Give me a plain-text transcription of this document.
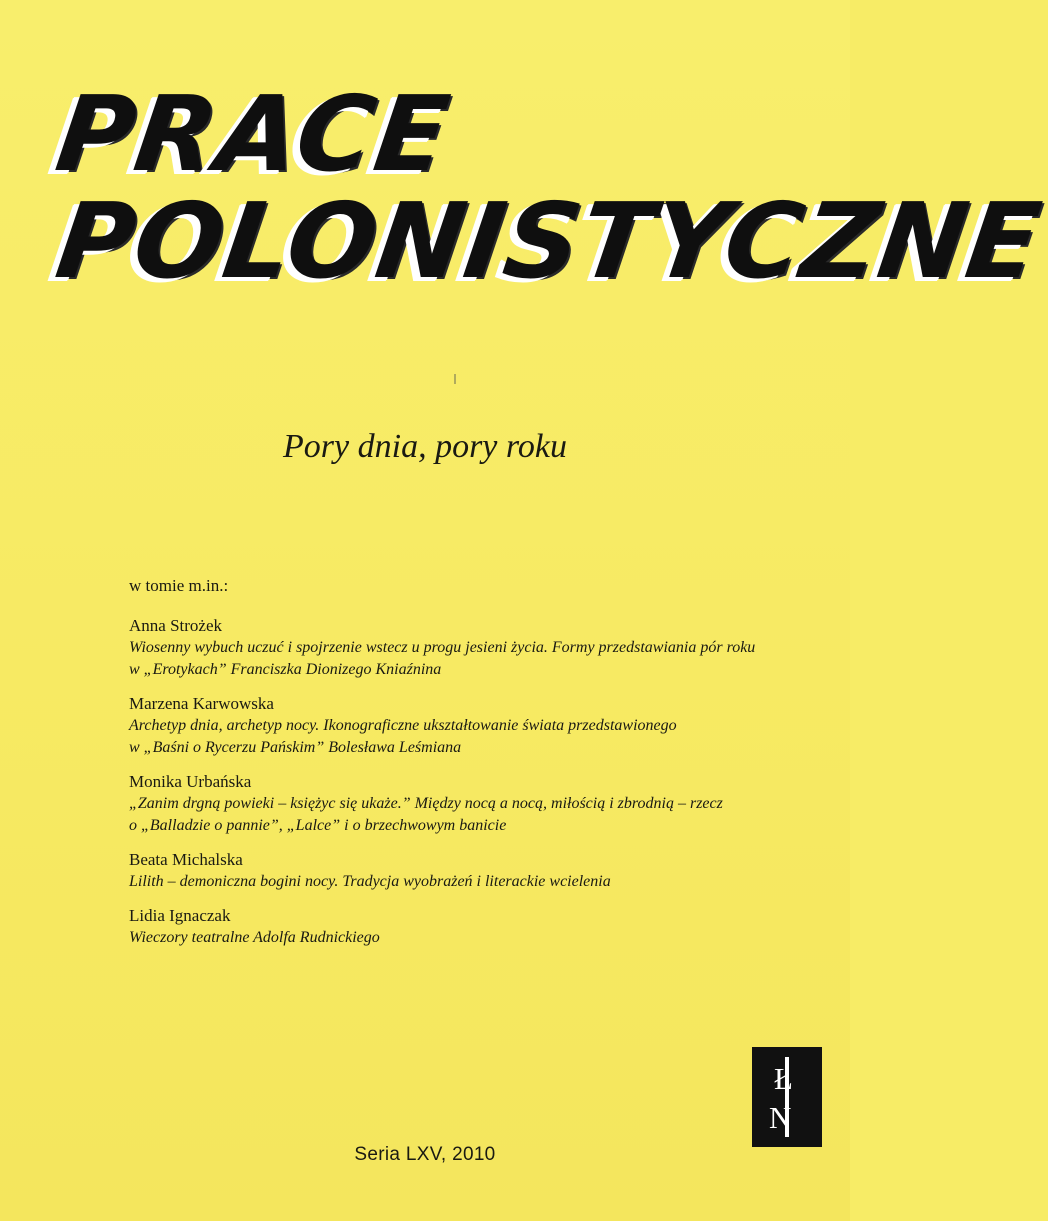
PRACE
POLONISTYCZNE
Pory dnia, pory roku
w tomie m.in.:
Anna Strożek
Wiosenny wybuch uczuć i spojrzenie wstecz u progu jesieni życia. Formy przedstawiania pór roku
w „Erotykach” Franciszka Dionizego Kniaźnina
Marzena Karwowska
Archetyp dnia, archetyp nocy. Ikonograficzne ukształtowanie świata przedstawionego
w „Baśni o Rycerzu Pańskim” Bolesława Leśmiana
Monika Urbańska
„Zanim drgną powieki – księżyc się ukaże.” Między nocą a nocą, miłością i zbrodnią – rzecz
o „Balladzie o pannie”, „Lalce” i o brzechwowym banicie
Beata Michalska
Lilith – demoniczna bogini nocy. Tradycja wyobrażeń i literackie wcielenia
Lidia Ignaczak
Wieczory teatralne Adolfa Rudnickiego
Ł
N
Seria LXV, 2010
